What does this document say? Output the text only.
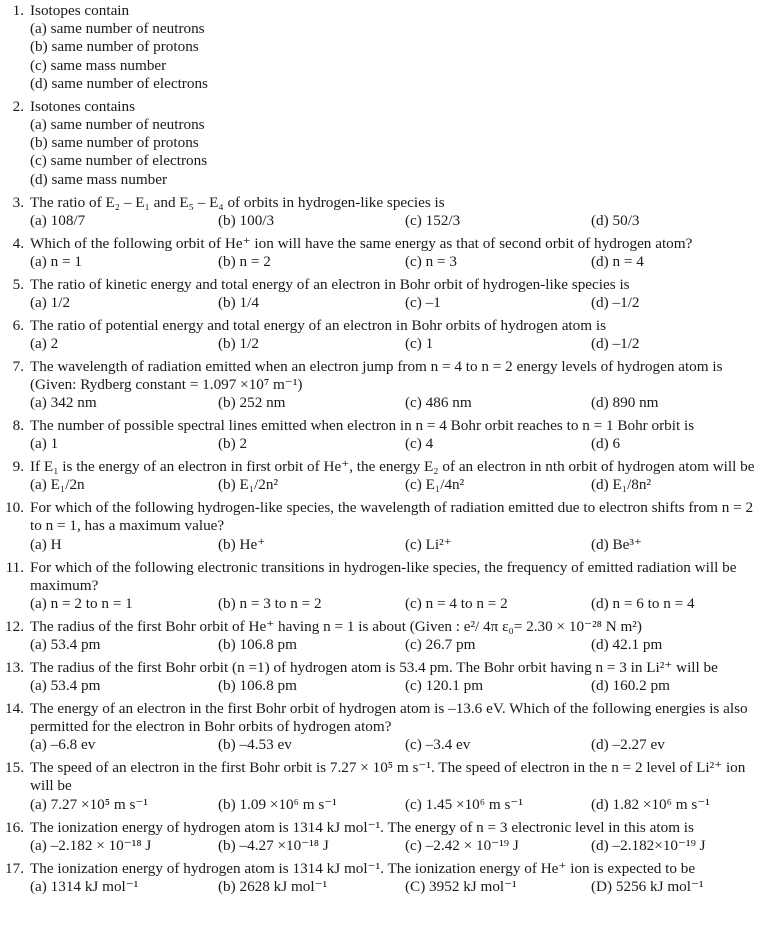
1. Isotopes contain
(a) same number of neutrons
(b) same number of protons
(c) same mass number
(d) same number of electrons
2. Isotones contains
(a) same number of neutrons
(b) same number of protons
(c) same number of electrons
(d) same mass number
3. The ratio of E₂ – E₁ and E₅ – E₄ of orbits in hydrogen-like species is
(a) 108/7	(b) 100/3	(c) 152/3	(d) 50/3
4. Which of the following orbit of He⁺ ion will have the same energy as that of second orbit of hydrogen atom?
(a) n = 1	(b) n = 2	(c) n = 3	(d) n = 4
5. The ratio of kinetic energy and total energy of an electron in Bohr orbit of hydrogen-like species is
(a) 1/2	(b) 1/4	(c) –1	(d) –1/2
6. The ratio of potential energy and total energy of an electron in Bohr orbits of hydrogen atom is
(a) 2	(b) 1/2	(c) 1	(d) –1/2
7. The wavelength of radiation emitted when an electron jump from n = 4 to n = 2 energy levels of hydrogen atom is (Given: Rydberg constant = 1.097 ×10⁷ m⁻¹)
(a) 342 nm	(b) 252 nm	(c) 486 nm	(d) 890 nm
8. The number of possible spectral lines emitted when electron in n = 4 Bohr orbit reaches to n = 1 Bohr orbit is
(a) 1	(b) 2	(c) 4	(d) 6
9. If E₁ is the energy of an electron in first orbit of He⁺, the energy E₂ of an electron in nth orbit of hydrogen atom will be
(a) E₁/2n	(b) E₁/2n²	(c) E₁/4n²	(d) E₁/8n²
10. For which of the following hydrogen-like species, the wavelength of radiation emitted due to electron shifts from n = 2 to n = 1, has a maximum value?
(a) H	(b) He⁺	(c) Li²⁺	(d) Be³⁺
11. For which of the following electronic transitions in hydrogen-like species, the frequency of emitted radiation will be maximum?
(a) n = 2 to n = 1	(b) n = 3 to n = 2	(c) n = 4 to n = 2	(d) n = 6 to n = 4
12. The radius of the first Bohr orbit of He⁺ having n = 1 is about (Given : e²/ 4π ε₀= 2.30 × 10⁻²⁸ N m²)
(a) 53.4 pm	(b) 106.8 pm	(c) 26.7 pm	(d) 42.1 pm
13. The radius of the first Bohr orbit (n =1) of hydrogen atom is 53.4 pm. The Bohr orbit having n = 3 in Li²⁺ will be
(a) 53.4 pm	(b) 106.8 pm	(c) 120.1 pm	(d) 160.2 pm
14. The energy of an electron in the first Bohr orbit of hydrogen atom is –13.6 eV. Which of the following energies is also permitted for the electron in Bohr orbits of hydrogen atom?
(a) –6.8 ev	(b) –4.53 ev	(c) –3.4 ev	(d) –2.27 ev
15. The speed of an electron in the first Bohr orbit is 7.27 × 10⁵ m s⁻¹. The speed of electron in the n = 2 level of Li²⁺ ion will be
(a) 7.27 ×10⁵ m s⁻¹	(b) 1.09 ×10⁶ m s⁻¹	(c) 1.45 ×10⁶ m s⁻¹	(d) 1.82 ×10⁶ m s⁻¹
16. The ionization energy of hydrogen atom is 1314 kJ mol⁻¹. The energy of n = 3 electronic level in this atom is
(a) –2.182 × 10⁻¹⁸ J	(b) –4.27 ×10⁻¹⁸ J	(c) –2.42 × 10⁻¹⁹ J	(d) –2.182×10⁻¹⁹ J
17. The ionization energy of hydrogen atom is 1314 kJ mol⁻¹. The ionization energy of He⁺ ion is expected to be
(a) 1314 kJ mol⁻¹	(b) 2628 kJ mol⁻¹	(C) 3952 kJ mol⁻¹	(D) 5256 kJ mol⁻¹
